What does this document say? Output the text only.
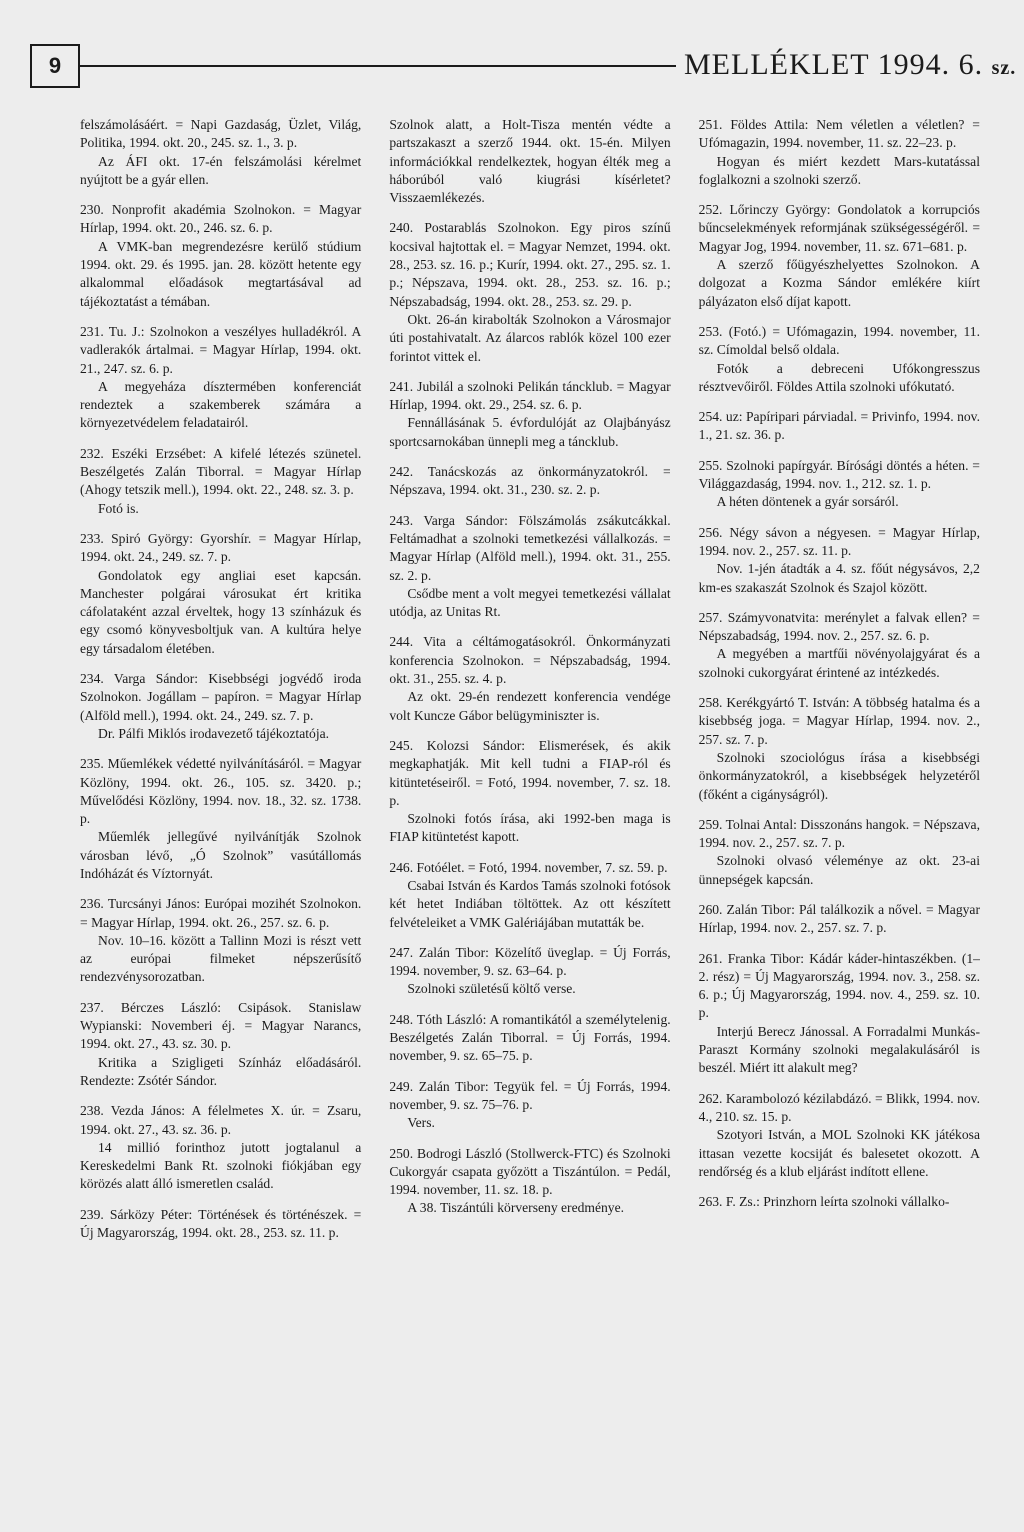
9	MELLÉKLET 1994. 6. sz.

felszámolásáért. = Napi Gazdaság, Üzlet, Világ, Politika, 1994. okt. 20., 245. sz. 1., 3. p.

Az ÁFI okt. 17-én felszámolási kérelmet nyújtott be a gyár ellen.

230. Nonprofit akadémia Szolnokon. = Magyar Hírlap, 1994. okt. 20., 246. sz. 6. p.

A VMK-ban megrendezésre kerülő stúdium 1994. okt. 29. és 1995. jan. 28. között hetente egy alkalommal előadások megtartásával ad tájékoztatást a témában.

231. Tu. J.: Szolnokon a veszélyes hulladékról. A vadlerakók ártalmai. = Magyar Hírlap, 1994. okt. 21., 247. sz. 6. p.

A megyeháza dísztermében konferenciát rendeztek a szakemberek számára a környezetvédelem feladatairól.

232. Eszéki Erzsébet: A kifelé létezés szünetel. Beszélgetés Zalán Tiborral. = Magyar Hírlap (Ahogy tetszik mell.), 1994. okt. 22., 248. sz. 3. p.

Fotó is.

233. Spiró György: Gyorshír. = Magyar Hírlap, 1994. okt. 24., 249. sz. 7. p.

Gondolatok egy angliai eset kapcsán. Manchester polgárai városukat ért kritika cáfolataként azzal érveltek, hogy 13 színházuk és egy csomó könyvesboltjuk van. A kultúra helye egy társadalom életében.

234. Varga Sándor: Kisebbségi jogvédő iroda Szolnokon. Jogállam – papíron. = Magyar Hírlap (Alföld mell.), 1994. okt. 24., 249. sz. 7. p.

Dr. Pálfi Miklós irodavezető tájékoztatója.

235. Műemlékek védetté nyilvánításáról. = Magyar Közlöny, 1994. okt. 26., 105. sz. 3420. p.; Művelődési Közlöny, 1994. nov. 18., 32. sz. 1738. p.

Műemlék jellegűvé nyilvánítják Szolnok városban lévő, „Ó Szolnok” vasútállomás Indóházát és Víztornyát.

236. Turcsányi János: Európai mozihét Szolnokon. = Magyar Hírlap, 1994. okt. 26., 257. sz. 6. p.

Nov. 10–16. között a Tallinn Mozi is részt vett az európai filmeket népszerűsítő rendezvénysorozatban.

237. Bérczes László: Csipások. Stanislaw Wypianski: Novemberi éj. = Magyar Narancs, 1994. okt. 27., 43. sz. 30. p.

Kritika a Szigligeti Színház előadásáról. Rendezte: Zsótér Sándor.

238. Vezda János: A félelmetes X. úr. = Zsaru, 1994. okt. 27., 43. sz. 36. p.

14 millió forinthoz jutott jogtalanul a Kereskedelmi Bank Rt. szolnoki fiókjában egy körözés alatt álló ismeretlen család.

239. Sárközy Péter: Történések és történészek. = Új Magyarország, 1994. okt. 28., 253. sz. 11. p.

Szolnok alatt, a Holt-Tisza mentén védte a partszakaszt a szerző 1944. okt. 15-én. Milyen információkkal rendelkeztek, hogyan élték meg a háborúból való kiugrási kísérletet? Visszaemlékezés.

240. Postarablás Szolnokon. Egy piros színű kocsival hajtottak el. = Magyar Nemzet, 1994. okt. 28., 253. sz. 16. p.; Kurír, 1994. okt. 27., 295. sz. 1. p.; Népszava, 1994. okt. 28., 253. sz. 16. p.; Népszabadság, 1994. okt. 28., 253. sz. 29. p.

Okt. 26-án kirabolták Szolnokon a Városmajor úti postahivatalt. Az álarcos rablók közel 100 ezer forintot vittek el.

241. Jubilál a szolnoki Pelikán táncklub. = Magyar Hírlap, 1994. okt. 29., 254. sz. 6. p.

Fennállásának 5. évfordulóját az Olajbányász sportcsarnokában ünnepli meg a táncklub.

242. Tanácskozás az önkormányzatokról. = Népszava, 1994. okt. 31., 230. sz. 2. p.

243. Varga Sándor: Fölszámolás zsákutcákkal. Feltámadhat a szolnoki temetkezési vállalkozás. = Magyar Hírlap (Alföld mell.), 1994. okt. 31., 255. sz. 2. p.

Csődbe ment a volt megyei temetkezési vállalat utódja, az Unitas Rt.

244. Vita a céltámogatásokról. Önkormányzati konferencia Szolnokon. = Népszabadság, 1994. okt. 31., 255. sz. 4. p.

Az okt. 29-én rendezett konferencia vendége volt Kuncze Gábor belügyminiszter is.

245. Kolozsi Sándor: Elismerések, és akik megkaphatják. Mit kell tudni a FIAP-ról és kitüntetéseiről. = Fotó, 1994. november, 7. sz. 18. p.

Szolnoki fotós írása, aki 1992-ben maga is FIAP kitüntetést kapott.

246. Fotóélet. = Fotó, 1994. november, 7. sz. 59. p.

Csabai István és Kardos Tamás szolnoki fotósok két hetet Indiában töltöttek. Az ott készített felvételeiket a VMK Galériájában mutatták be.

247. Zalán Tibor: Közelítő üveglap. = Új Forrás, 1994. november, 9. sz. 63–64. p.

Szolnoki születésű költő verse.

248. Tóth László: A romantikától a személytelenig. Beszélgetés Zalán Tiborral. = Új Forrás, 1994. november, 9. sz. 65–75. p.

249. Zalán Tibor: Tegyük fel. = Új Forrás, 1994. november, 9. sz. 75–76. p.

Vers.

250. Bodrogi László (Stollwerck-FTC) és Szolnoki Cukorgyár csapata győzött a Tiszántúlon. = Pedál, 1994. november, 11. sz. 18. p.

A 38. Tiszántúli körverseny eredménye.

251. Földes Attila: Nem véletlen a véletlen? = Ufómagazin, 1994. november, 11. sz. 22–23. p.

Hogyan és miért kezdett Mars-kutatással foglalkozni a szolnoki szerző.

252. Lőrinczy György: Gondolatok a korrupciós bűncselekmények reformjának szükségességéről. = Magyar Jog, 1994. november, 11. sz. 671–681. p.

A szerző főügyészhelyettes Szolnokon. A dolgozat a Kozma Sándor emlékére kiírt pályázaton első díjat kapott.

253. (Fotó.) = Ufómagazin, 1994. november, 11. sz. Címoldal belső oldala.

Fotók a debreceni Ufókongresszus résztvevőiről. Földes Attila szolnoki ufókutató.

254. uz: Papíripari párviadal. = Privinfo, 1994. nov. 1., 21. sz. 36. p.

255. Szolnoki papírgyár. Bírósági döntés a héten. = Világgazdaság, 1994. nov. 1., 212. sz. 1. p.

A héten döntenek a gyár sorsáról.

256. Négy sávon a négyesen. = Magyar Hírlap, 1994. nov. 2., 257. sz. 11. p.

Nov. 1-jén átadták a 4. sz. főút négysávos, 2,2 km-es szakaszát Szolnok és Szajol között.

257. Számyvonatvita: merénylet a falvak ellen? = Népszabadság, 1994. nov. 2., 257. sz. 6. p.

A megyében a martfűi növényolajgyárat és a szolnoki cukorgyárat érintené az intézkedés.

258. Kerékgyártó T. István: A többség hatalma és a kisebbség joga. = Magyar Hírlap, 1994. nov. 2., 257. sz. 7. p.

Szolnoki szociológus írása a kisebbségi önkormányzatokról, a kisebbségek helyzetéről (főként a cigányságról).

259. Tolnai Antal: Disszonáns hangok. = Népszava, 1994. nov. 2., 257. sz. 7. p.

Szolnoki olvasó véleménye az okt. 23-ai ünnepségek kapcsán.

260. Zalán Tibor: Pál találkozik a nővel. = Magyar Hírlap, 1994. nov. 2., 257. sz. 7. p.

261. Franka Tibor: Kádár káder-hintaszékben. (1–2. rész) = Új Magyarország, 1994. nov. 3., 258. sz. 6. p.; Új Magyarország, 1994. nov. 4., 259. sz. 10. p.

Interjú Berecz Jánossal. A Forradalmi Munkás-Paraszt Kormány szolnoki megalakulásáról is beszél. Miért itt alakult meg?

262. Karambolozó kézilabdázó. = Blikk, 1994. nov. 4., 210. sz. 15. p.

Szotyori István, a MOL Szolnoki KK játékosa ittasan vezette kocsiját és balesetet okozott. A rendőrség és a klub eljárást indított ellene.

263. F. Zs.: Prinzhorn leírta szolnoki vállalko-
